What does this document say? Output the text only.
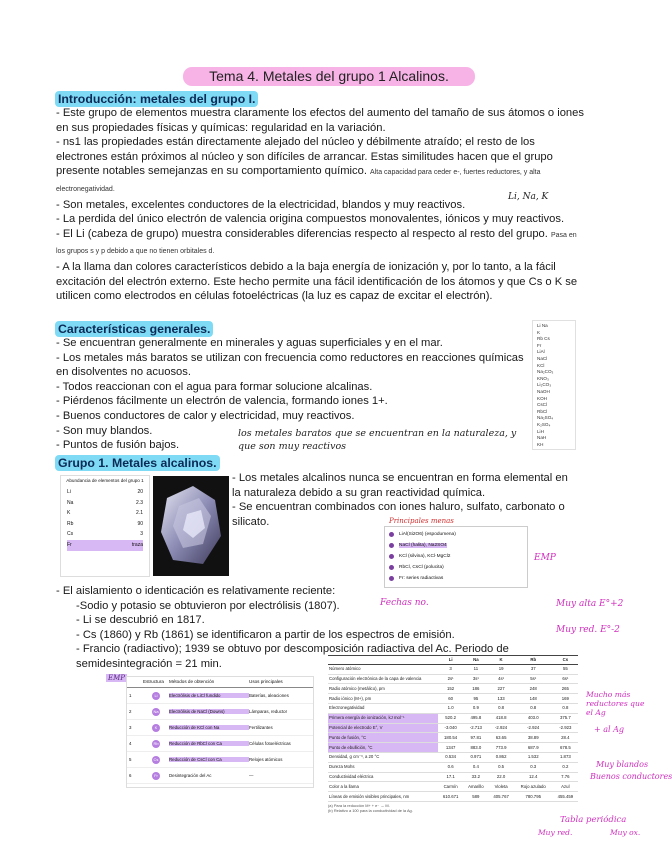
Tema 4. Metales del grupo 1 Alcalinos.
Introducción: metales del grupo I.

- Este grupo de elementos muestra claramente los efectos del aumento del tamaño de sus átomos o iones en sus propiedades físicas y químicas: regularidad en la variación.

- ns1 las propiedades están directamente alejado del núcleo y débilmente atraído; el resto de los electrones están próximos al núcleo y son difíciles de arrancar. Estas similitudes hacen que el grupo presente notables semejanzas en su comportamiento químico. Alta capacidad para ceder e-, fuertes reductores, y alta electronegatividad.

- Son metales, excelentes conductores de la electricidad, blandos y muy reactivos.

- La perdida del único electrón de valencia origina compuestos monovalentes, iónicos y muy reactivos.

- El Li (cabeza de grupo) muestra considerables diferencias respecto al respecto al resto del grupo. Pasa en los grupos s y p debido a que no tienen orbitales d.

- A la llama dan colores característicos debido a la baja energía de ionización y, por lo tanto, a la fácil excitación del electrón externo. Este hecho permite una fácil identificación de los átomos y que Cs o K se utilicen como electrodos en células fotoeléctricas (la luz es capaz de excitar el electrón).

Li, Na, K
Características generales.

- Se encuentran generalmente en minerales y aguas superficiales y en el mar.

- Los metales más baratos se utilizan con frecuencia como reductores en reacciones químicas en disolventes no acuosos.

- Todos reaccionan con el agua para formar solucione alcalinas.

- Piérdenos fácilmente un electrón de valencia, formando iones 1+.

- Buenos conductores de calor y electricidad, muy reactivos.

- Son muy blandos.

- Puntos de fusión bajos.

los metales baratos que se encuentran en la naturaleza, y que son muy reactivos
Li Na
K
Rb Cs
Fr
LiAl
NaCl
KCl
Na₂CO₃
KNO₃
Li₂CO₃
NaOH
KOH
CsCl
RbCl
Na₂SO₄
K₂SO₄
LiH
NaH
KH
Grupo 1. Metales alcalinos.
Abundancia de elementos del grupo 1
Li	20
Na	2.3
K	2.1
Rb	90
Cs	3
Fr	traza

- Los metales alcalinos nunca se encuentran en forma elemental en la naturaleza debido a su gran reactividad química.

- Se encuentran combinados con iones haluro, sulfato, carbonato o silicato.	Principales menas
LiAl(Si2O6) (espodumena)
NaCl (halita), Na2SO4
KCl (silvina), KCl·MgCl2
RbCl, CsCl (polucita)
Fr: series radiactivas
EMP

- El aislamiento o identicación es relativamente reciente:

-Sodio y potasio se obtuvieron por electrólisis (1807).

- Li se descubrió en 1817.

- Cs (1860) y Rb (1861) se identificaron a partir de los espectros de emisión.

- Francio (radiactivo); 1939 se obtuvo por descomposición radiactiva del Ac. Periodo de semidesintegración = 21 min.

Fechas no.	Muy alta E°+2
Muy red. E°-2
Mucho más reductores que el Ag
+ al Ag
Muy blandos
Buenos conductores
Tabla periódica
Muy red.	Muy ox.
EMP	Estructura	Métodos de obtención	Usos principales
1	Li	Electrólisis de LiCl fundido	Baterías, aleaciones
2	Na	Electrólisis de NaCl (Downs)	Lámparas, reductor
3	K	Reducción de KCl con Na	Fertilizantes
4	Rb	Reducción de RbCl con Ca	Células fotoeléctricas
5	Cs	Reducción de CsCl con Ca	Relojes atómicos
6	Fr	Desintegración del Ac	—
	Li	Na	K	Rb	Cs
Número atómico	3	11	19	37	55
Configuración electrónica de la capa de valencia	2s¹	3s¹	4s¹	5s¹	6s¹
Radio atómico (metálico), pm	152	186	227	248	265
Radio iónico (M+), pm	60	95	133	148	169
Electronegatividad	1.0	0.9	0.8	0.8	0.8
Primera energía de ionización, kJ mol⁻¹	520.2	495.8	418.8	403.0	375.7
Potencial de electrodo E°, V	-3.040	-2.713	-2.924	-2.924	-2.923
Punto de fusión, °C	180.54	97.81	63.65	38.89	28.4
Punto de ebullición, °C	1347	883.0	773.9	687.9	678.5
Densidad, g cm⁻³, a 20 °C	0.534	0.971	0.862	1.532	1.873
Dureza Mohs	0.6	0.4	0.5	0.3	0.2
Conductividad eléctrica	17.1	33.2	22.0	12.4	7.76
Color a la llama	Carmín	Amarillo	Violeta	Rojo azulado	Azul
Líneas de emisión visibles principales, nm	610.671	589	405.767	780.795	455.459
(a) Para la reducción M+ + e⁻ → M.
(b) Relativo a 100 para la conductividad de la Ag.
